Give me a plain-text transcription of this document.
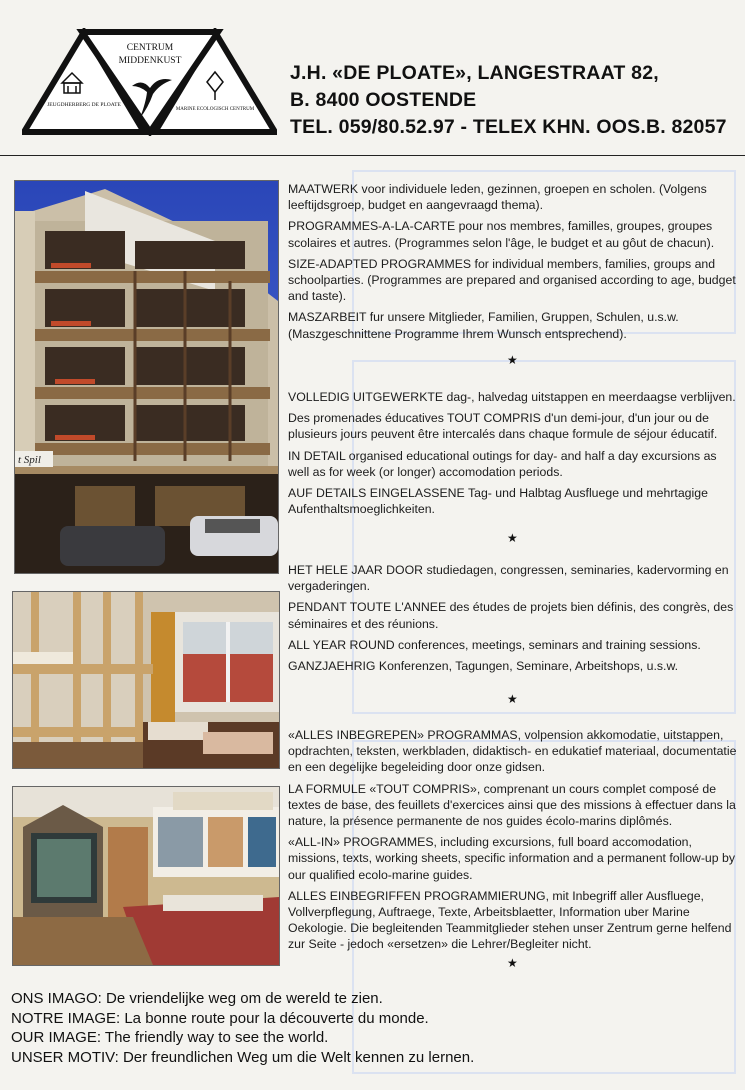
CENTRUM
MIDDENKUST
JEUGDHERBERG DE PLOATE
MARINE ECOLOGISCH CENTRUM
11	HF
J.H. «DE PLOATE», LANGESTRAAT 82,
B. 8400 OOSTENDE
TEL. 059/80.52.97 - TELEX KHN. OOS.B. 82057
t Spil

MAATWERK voor individuele leden, gezinnen, groepen en scholen. (Volgens leeftijdsgroep, budget en aangevraagd thema).

PROGRAMMES-A-LA-CARTE pour nos membres, familles, groupes, groupes scolaires et autres. (Programmes selon l'âge, le budget et au gôut de chacun).

SIZE-ADAPTED PROGRAMMES for individual members, families, groups and schoolparties. (Programmes are prepared and organised according to age, budget and taste).

MASZARBEIT fur unsere Mitglieder, Familien, Gruppen, Schulen, u.s.w. (Maszgeschnittene Programme Ihrem Wunsch entsprechend).

★

VOLLEDIG UITGEWERKTE dag-, halvedag uitstappen en meerdaagse verblijven.

Des promenades éducatives TOUT COMPRIS d'un demi-jour, d'un jour ou de plusieurs jours peuvent être intercalés dans chaque formule de séjour éducatif.

IN DETAIL organised educational outings for day- and half a day excursions as well as for week (or longer) accomodation periods.

AUF DETAILS EINGELASSENE Tag- und Halbtag Ausfluege und mehrtagige Aufenthaltsmoeglichkeiten.

★

HET HELE JAAR DOOR studiedagen, congressen, seminaries, kadervorming en vergaderingen.

PENDANT TOUTE L'ANNEE des études de projets bien définis, des congrès, des séminaires et des réunions.

ALL YEAR ROUND conferences, meetings, seminars and training sessions.

GANZJAEHRIG Konferenzen, Tagungen, Seminare, Arbeitshops, u.s.w.

★

«ALLES INBEGREPEN» PROGRAMMAS, volpension akkomodatie, uitstappen, opdrachten, teksten, werkbladen, didaktisch- en edukatief materiaal, documentatie en een degelijke begeleiding door onze gidsen.

LA FORMULE «TOUT COMPRIS», comprenant un cours complet composé de textes de base, des feuillets d'exercices ainsi que des missions à effectuer dans la nature, la présence permanente de nos guides écolo-marins diplômés.

«ALL-IN» PROGRAMMES, including excursions, full board accomodation, missions, texts, working sheets, specific information and a permanent follow-up by our qualified ecolo-marine guides.

ALLES EINBEGRIFFEN PROGRAMMIERUNG, mit Inbegriff aller Ausfluege, Vollverpflegung, Auftraege, Texte, Arbeitsblaetter, Information uber Marine Oekologie. Die begleitenden Teammitglieder stehen unser Zentrum gerne helfend zur Seite - jedoch «ersetzen» die Lehrer/Begleiter nicht.

★
ONS IMAGO: De vriendelijke weg om de wereld te zien.
NOTRE IMAGE: La bonne route pour la découverte du monde.
OUR IMAGE: The friendly way to see the world.
UNSER MOTIV: Der freundlichen Weg um die Welt kennen zu lernen.
